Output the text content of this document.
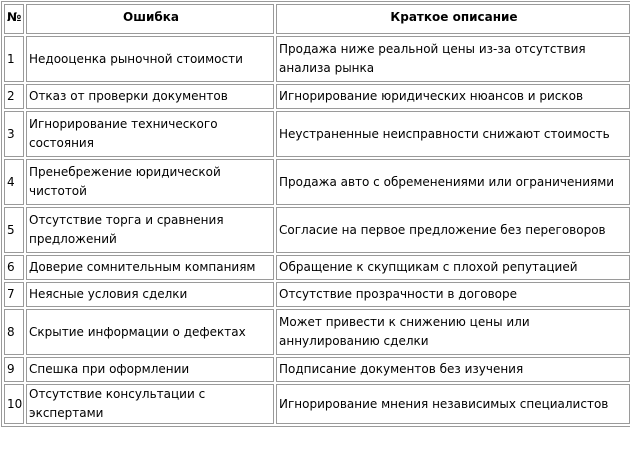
№	Ошибка	Краткое описание
1	Недооценка рыночной стоимости	Продажа ниже реальной цены из-за отсутствия анализа рынка
2	Отказ от проверки документов	Игнорирование юридических нюансов и рисков
3	Игнорирование технического состояния	Неустраненные неисправности снижают стоимость
4	Пренебрежение юридической чистотой	Продажа авто с обременениями или ограничениями
5	Отсутствие торга и сравнения предложений	Согласие на первое предложение без переговоров
6	Доверие сомнительным компаниям	Обращение к скупщикам с плохой репутацией
7	Неясные условия сделки	Отсутствие прозрачности в договоре
8	Скрытие информации о дефектах	Может привести к снижению цены или аннулированию сделки
9	Спешка при оформлении	Подписание документов без изучения
10	Отсутствие консультации с экспертами	Игнорирование мнения независимых специалистов
